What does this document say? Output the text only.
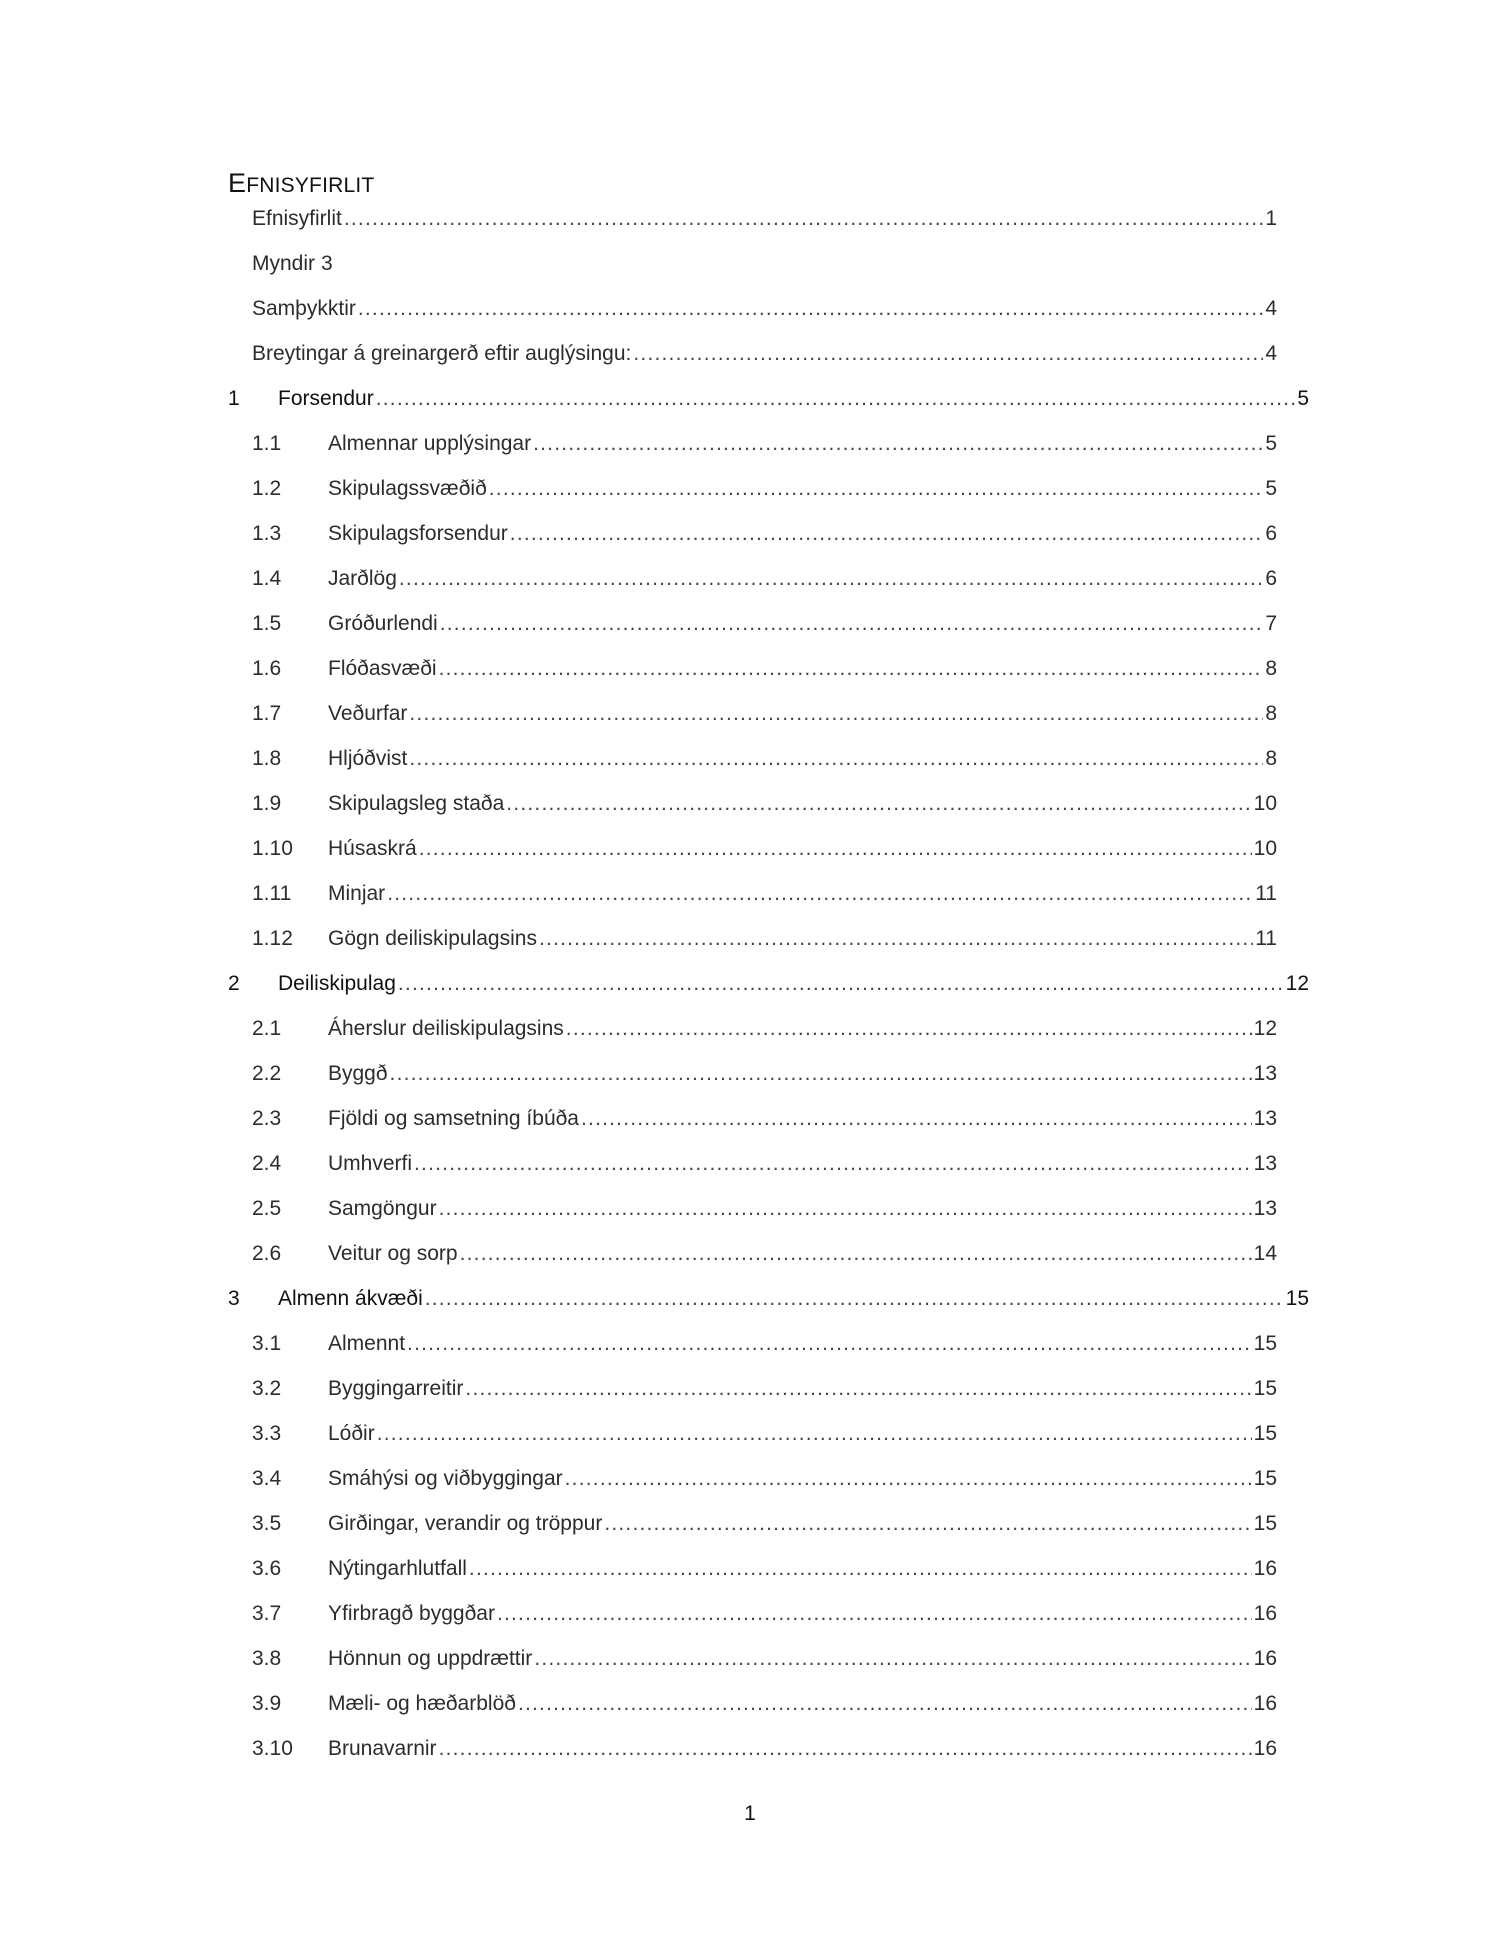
EFNISYFIRLIT
Efnisyfirlit .....	1
Myndir 3
Samþykktir .....	4
Breytingar á greinargerð eftir auglýsingu: .....	4
1	Forsendur .....	5
1.1	Almennar upplýsingar .....	5
1.2	Skipulagssvæðið .....	5
1.3	Skipulagsforsendur .....	6
1.4	Jarðlög .....	6
1.5	Gróðurlendi .....	7
1.6	Flóðasvæði .....	8
1.7	Veðurfar .....	8
1.8	Hljóðvist .....	8
1.9	Skipulagsleg staða .....	10
1.10	Húsaskrá .....	10
1.11	Minjar .....	11
1.12	Gögn deiliskipulagsins .....	11
2	Deiliskipulag .....	12
2.1	Áherslur deiliskipulagsins .....	12
2.2	Byggð .....	13
2.3	Fjöldi og samsetning íbúða .....	13
2.4	Umhverfi .....	13
2.5	Samgöngur .....	13
2.6	Veitur og sorp .....	14
3	Almenn ákvæði .....	15
3.1	Almennt .....	15
3.2	Byggingarreitir .....	15
3.3	Lóðir .....	15
3.4	Smáhýsi og viðbyggingar .....	15
3.5	Girðingar, verandir og tröppur .....	15
3.6	Nýtingarhlutfall .....	16
3.7	Yfirbragð byggðar .....	16
3.8	Hönnun og uppdrættir .....	16
3.9	Mæli- og hæðarblöð .....	16
3.10	Brunavarnir .....	16
1
